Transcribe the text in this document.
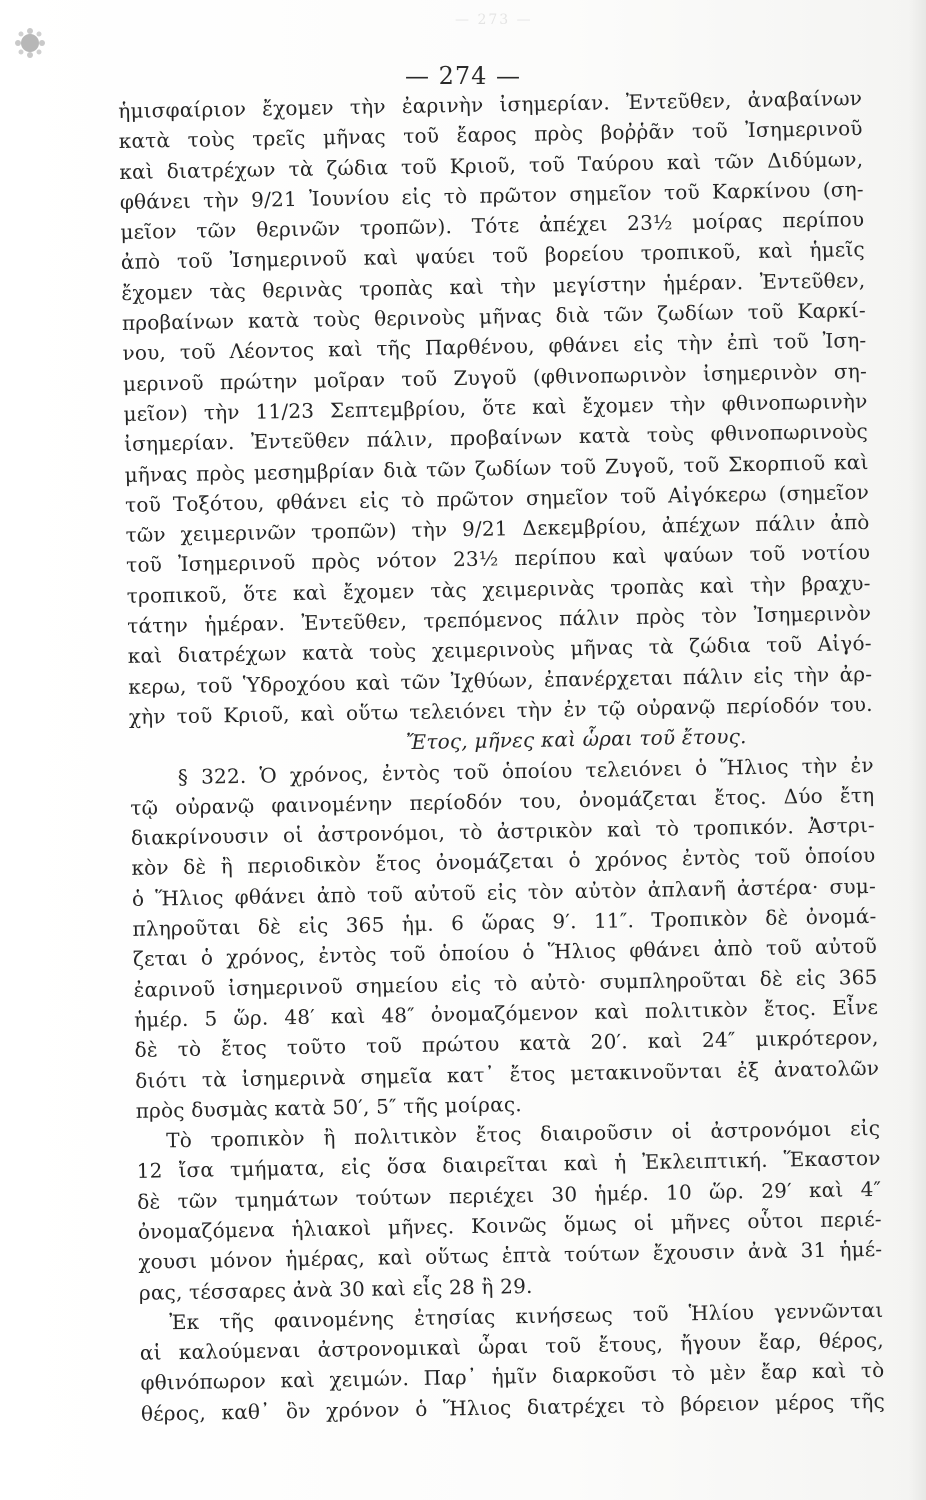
— 273 —
— 274 —
ἡμισφαίριον ἔχομεν τὴν ἐαρινὴν ἰσημερίαν. Ἐντεῦθεν, ἀναβαίνων
κατὰ τοὺς τρεῖς μῆνας τοῦ ἔαρος πρὸς βοῤῥᾶν τοῦ Ἰσημερινοῦ
καὶ διατρέχων τὰ ζώδια τοῦ Κριοῦ, τοῦ Ταύρου καὶ τῶν Διδύμων,
φθάνει τὴν 9/21 Ἰουνίου εἰς τὸ πρῶτον σημεῖον τοῦ Καρκίνου (ση-
μεῖον τῶν θερινῶν τροπῶν). Τότε ἀπέχει 23½ μοίρας περίπου
ἀπὸ τοῦ Ἰσημερινοῦ καὶ ψαύει τοῦ βορείου τροπικοῦ, καὶ ἡμεῖς
ἔχομεν τὰς θερινὰς τροπὰς καὶ τὴν μεγίστην ἡμέραν. Ἐντεῦθεν,
προβαίνων κατὰ τοὺς θερινοὺς μῆνας διὰ τῶν ζωδίων τοῦ Καρκί-
νου, τοῦ Λέοντος καὶ τῆς Παρθένου, φθάνει εἰς τὴν ἐπὶ τοῦ Ἰση-
μερινοῦ πρώτην μοῖραν τοῦ Ζυγοῦ (φθινοπωρινὸν ἰσημερινὸν ση-
μεῖον) τὴν 11/23 Σεπτεμβρίου, ὅτε καὶ ἔχομεν τὴν φθινοπωρινὴν
ἰσημερίαν. Ἐντεῦθεν πάλιν, προβαίνων κατὰ τοὺς φθινοπωρινοὺς
μῆνας πρὸς μεσημβρίαν διὰ τῶν ζωδίων τοῦ Ζυγοῦ, τοῦ Σκορπιοῦ καὶ
τοῦ Τοξότου, φθάνει εἰς τὸ πρῶτον σημεῖον τοῦ Αἰγόκερω (σημεῖον
τῶν χειμερινῶν τροπῶν) τὴν 9/21 Δεκεμβρίου, ἀπέχων πάλιν ἀπὸ
τοῦ Ἰσημερινοῦ πρὸς νότον 23½ περίπου καὶ ψαύων τοῦ νοτίου
τροπικοῦ, ὅτε καὶ ἔχομεν τὰς χειμερινὰς τροπὰς καὶ τὴν βραχυ-
τάτην ἡμέραν. Ἐντεῦθεν, τρεπόμενος πάλιν πρὸς τὸν Ἰσημερινὸν
καὶ διατρέχων κατὰ τοὺς χειμερινοὺς μῆνας τὰ ζώδια τοῦ Αἰγό-
κερω, τοῦ Ὑδροχόου καὶ τῶν Ἰχθύων, ἐπανέρχεται πάλιν εἰς τὴν ἀρ-
χὴν τοῦ Κριοῦ, καὶ οὕτω τελειόνει τὴν ἐν τῷ οὐρανῷ περίοδόν του.
Ἔτος, μῆνες καὶ ὧραι τοῦ ἔτους.
§ 322. Ὁ χρόνος, ἐντὸς τοῦ ὁποίου τελειόνει ὁ Ἥλιος τὴν ἐν
τῷ οὐρανῷ φαινομένην περίοδόν του, ὀνομάζεται ἔτος. Δύο ἔτη
διακρίνουσιν οἱ ἀστρονόμοι, τὸ ἀστρικὸν καὶ τὸ τροπικόν. Ἀστρι-
κὸν δὲ ἢ περιοδικὸν ἔτος ὀνομάζεται ὁ χρόνος ἐντὸς τοῦ ὁποίου
ὁ Ἥλιος φθάνει ἀπὸ τοῦ αὐτοῦ εἰς τὸν αὐτὸν ἀπλανῆ ἀστέρα· συμ-
πληροῦται δὲ εἰς 365 ἡμ. 6 ὥρας 9′. 11″. Τροπικὸν δὲ ὀνομά-
ζεται ὁ χρόνος, ἐντὸς τοῦ ὁποίου ὁ Ἥλιος φθάνει ἀπὸ τοῦ αὐτοῦ
ἐαρινοῦ ἰσημερινοῦ σημείου εἰς τὸ αὐτὸ· συμπληροῦται δὲ εἰς 365
ἡμέρ. 5 ὥρ. 48′ καὶ 48″ ὀνομαζόμενον καὶ πολιτικὸν ἔτος. Εἶνε
δὲ τὸ ἔτος τοῦτο τοῦ πρώτου κατὰ 20′. καὶ 24″ μικρότερον,
διότι τὰ ἰσημερινὰ σημεῖα κατ᾿ ἔτος μετακινοῦνται ἐξ ἀνατολῶν
πρὸς δυσμὰς κατὰ 50′, 5″ τῆς μοίρας.
Τὸ τροπικὸν ἢ πολιτικὸν ἔτος διαιροῦσιν οἱ ἀστρονόμοι εἰς
12 ἴσα τμήματα, εἰς ὅσα διαιρεῖται καὶ ἡ Ἐκλειπτική. Ἕκαστον
δὲ τῶν τμημάτων τούτων περιέχει 30 ἡμέρ. 10 ὥρ. 29′ καὶ 4″
ὀνομαζόμενα ἡλιακοὶ μῆνες. Κοινῶς ὅμως οἱ μῆνες οὗτοι περιέ-
χουσι μόνον ἡμέρας, καὶ οὕτως ἑπτὰ τούτων ἔχουσιν ἀνὰ 31 ἡμέ-
ρας, τέσσαρες ἀνὰ 30 καὶ εἷς 28 ἢ 29.
Ἐκ τῆς φαινομένης ἐτησίας κινήσεως τοῦ Ἡλίου γεννῶνται
αἱ καλούμεναι ἀστρονομικαὶ ὧραι τοῦ ἔτους, ἤγουν ἔαρ, θέρος,
φθινόπωρον καὶ χειμών. Παρ᾿ ἡμῖν διαρκοῦσι τὸ μὲν ἔαρ καὶ τὸ
θέρος, καθ᾿ ὃν χρόνον ὁ Ἥλιος διατρέχει τὸ βόρειον μέρος τῆς
